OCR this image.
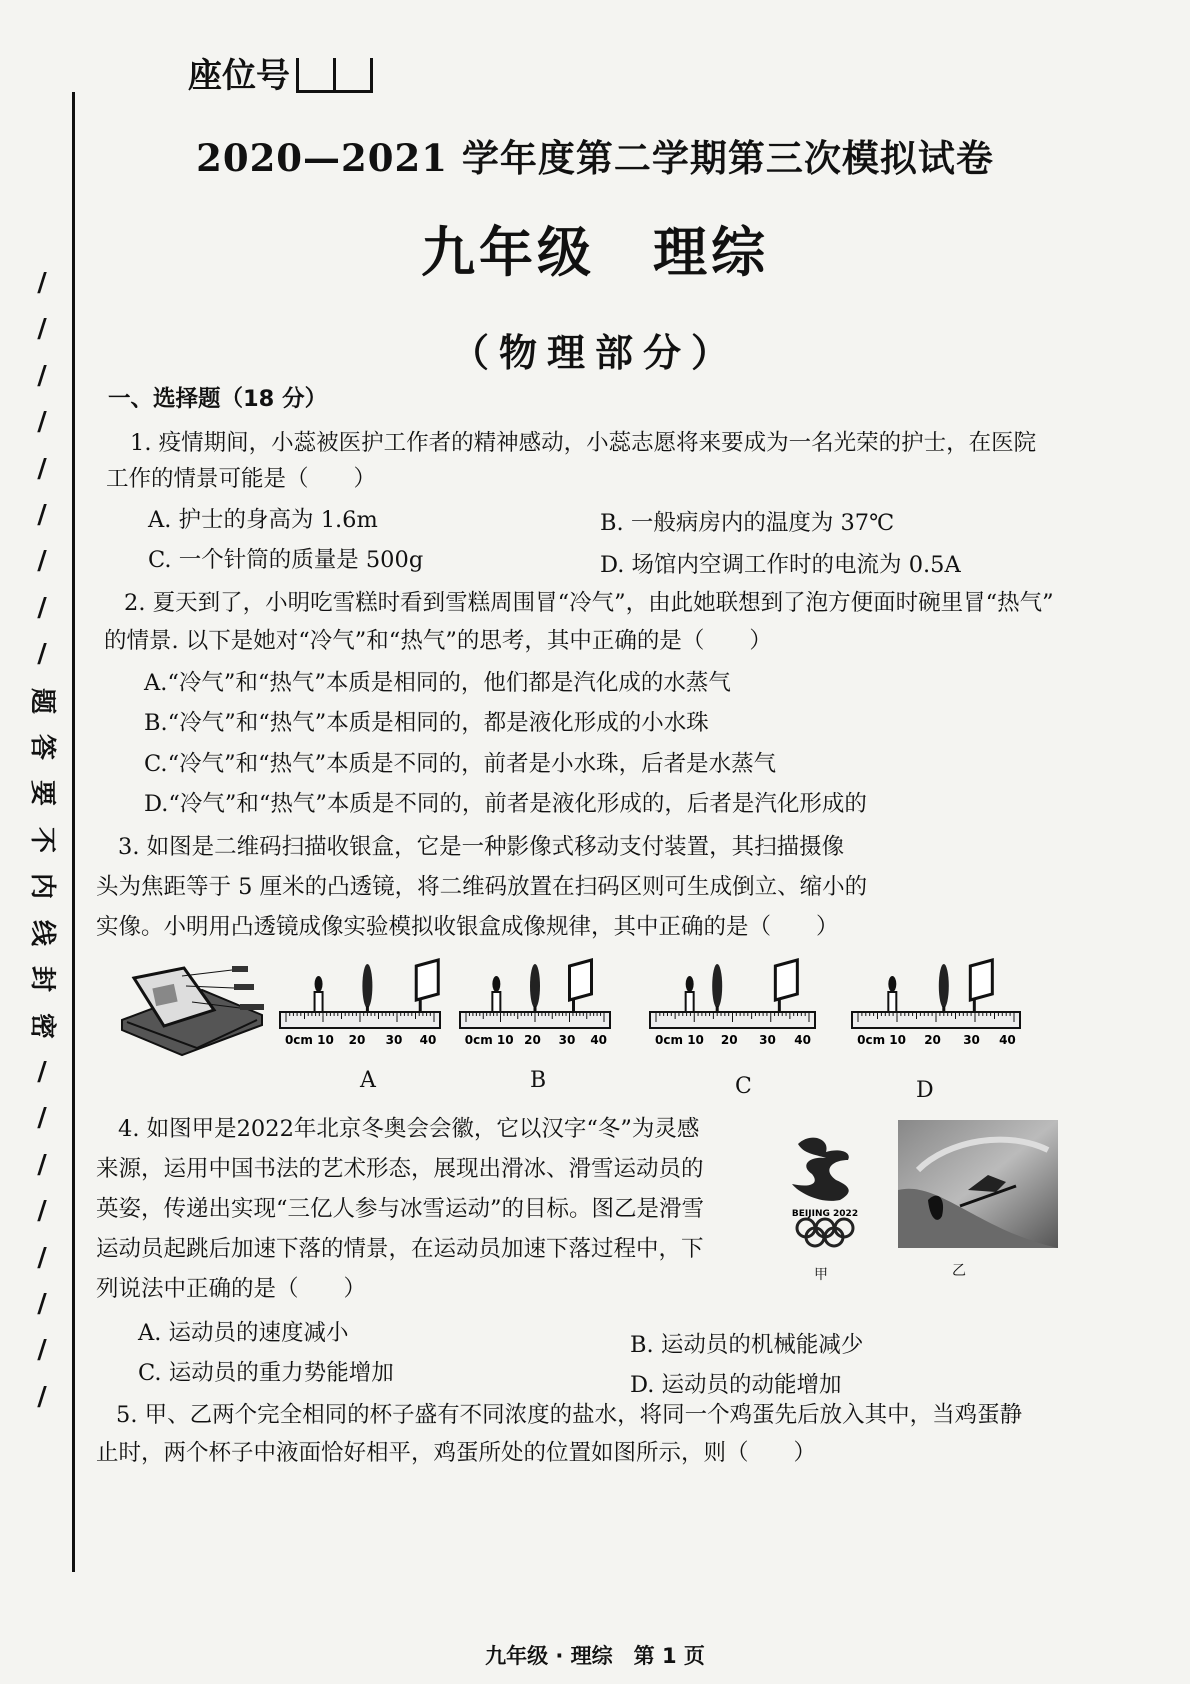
座位号
/
/
/
/
/
/
/
/
/
题
答
要
不
内
线
封
密
/
/
/
/
/
/
/
/
2020—2021 学年度第二学期第三次模拟试卷
九年级　理综
（物理部分）
一、选择题（18 分）
1. 疫情期间，小蕊被医护工作者的精神感动，小蕊志愿将来要成为一名光荣的护士，在医院
工作的情景可能是（　　）
A. 护士的身高为 1.6m	B. 一般病房内的温度为 37℃
C. 一个针筒的质量是 500g	D. 场馆内空调工作时的电流为 0.5A
2. 夏天到了，小明吃雪糕时看到雪糕周围冒“冷气”，由此她联想到了泡方便面时碗里冒“热气”
的情景. 以下是她对“冷气”和“热气”的思考，其中正确的是（　　）
A.“冷气”和“热气”本质是相同的，他们都是汽化成的水蒸气
B.“冷气”和“热气”本质是相同的，都是液化形成的小水珠
C.“冷气”和“热气”本质是不同的，前者是小水珠，后者是水蒸气
D.“冷气”和“热气”本质是不同的，前者是液化形成的，后者是汽化形成的
3. 如图是二维码扫描收银盒，它是一种影像式移动支付装置，其扫描摄像
头为焦距等于 5 厘米的凸透镜，将二维码放置在扫码区则可生成倒立、缩小的
实像。小明用凸透镜成像实验模拟收银盒成像规律，其中正确的是（　　）
4. 如图甲是2022年北京冬奥会会徽，它以汉字“冬”为灵感
来源，运用中国书法的艺术形态，展现出滑冰、滑雪运动员的
英姿，传递出实现“三亿人参与冰雪运动”的目标。图乙是滑雪
运动员起跳后加速下落的情景，在运动员加速下落过程中，下
列说法中正确的是（　　）
A. 运动员的速度减小	B. 运动员的机械能减少
C. 运动员的重力势能增加	D. 运动员的动能增加
BEIJING 2022
甲	乙
5. 甲、乙两个完全相同的杯子盛有不同浓度的盐水，将同一个鸡蛋先后放入其中，当鸡蛋静
止时，两个杯子中液面恰好相平，鸡蛋所处的位置如图所示，则（　　）
九年级 · 理综　第 1 页
0cm 10 20 30 40
A
0cm 10 20 30 40
B
0cm 10 20 30 40
C
0cm 10 20 30 40
D
